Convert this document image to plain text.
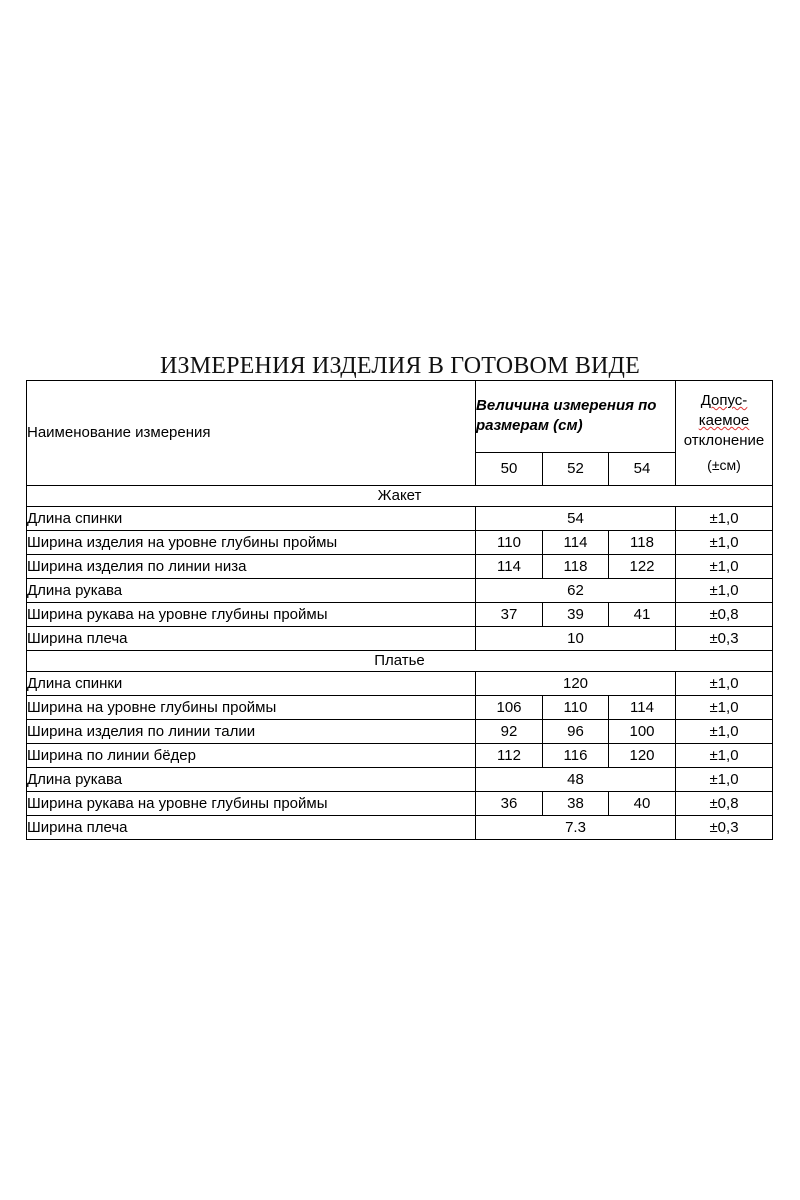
ИЗМЕРЕНИЯ ИЗДЕЛИЯ В ГОТОВОМ ВИДЕ
Наименование измерения	Величина измерения по размерам (см)			Допус-
каемое
отклонение
(±см)

	50	52	54	
Жакет				
Длина спинки	54			±1,0
Ширина изделия на уровне глубины проймы	110	114	118	±1,0
Ширина изделия по линии низа	114	118	122	±1,0
Длина рукава	62			±1,0
Ширина рукава на уровне глубины проймы	37	39	41	±0,8
Ширина плеча	10			±0,3
Платье				
Длина спинки	120			±1,0
Ширина на уровне глубины проймы	106	110	114	±1,0
Ширина изделия по линии талии	92	96	100	±1,0
Ширина по линии бёдер	112	116	120	±1,0
Длина рукава	48			±1,0
Ширина рукава на уровне глубины проймы	36	38	40	±0,8
Ширина плеча	7.3			±0,3
